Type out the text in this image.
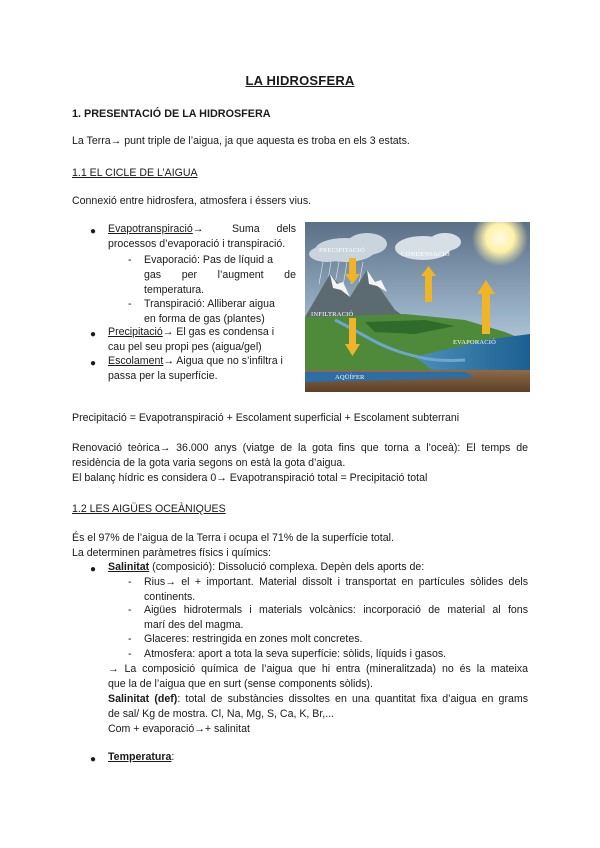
LA HIDROSFERA
1. PRESENTACIÓ DE LA HIDROSFERA
La Terra→ punt triple de l’aigua, ja que aquesta es troba en els 3 estats.
1.1 EL CICLE DE L’AIGUA
Connexió entre hidrosfera, atmosfera i éssers vius.
● Evapotranspiració→	Suma dels
processos d’evaporació i transpiració.
- Evaporació: Pas de líquid a
gas per l’augment de
temperatura.
- Transpiració: Alliberar aigua
en forma de gas (plantes)
● Precipitació→ El gas es condensa i
cau pel seu propi pes (aigua/gel)
● Escolament→ Aigua que no s’infiltra i
passa per la superfície.
PRECIPITACIÓ
CONDENSACIÓ
INFILTRACIÓ
EVAPORACIÓ
AQÜÍFER
Precipitació = Evapotranspiració + Escolament superficial + Escolament subterrani
Renovació teòrica→ 36.000 anys (viatge de la gota fins que torna a l’oceà): El temps de
residència de la gota varia segons on està la gota d’aigua.
El balanç hídric es considera 0→ Evapotranspiració total = Precipitació total
1.2 LES AIGÜES OCEÀNIQUES
És el 97% de l’aigua de la Terra i ocupa el 71% de la superfície total.
La determinen paràmetres físics i químics:
● Salinitat (composició): Dissolució complexa. Depèn dels aports de:
- Rius→ el + important. Material dissolt i transportat en partícules sòlides dels
continents.
- Aigües hidrotermals i materials volcànics: incorporació de material al fons
marí des del magma.
- Glaceres: restringida en zones molt concretes.
- Atmosfera: aport a tota la seva superfície: sòlids, líquids i gasos.
→ La composició química de l’aigua que hi entra (mineralitzada) no és la mateixa
que la de l’aigua que en surt (sense components sòlids).
Salinitat (def): total de substàncies dissoltes en una quantitat fixa d’aigua en grams
de sal/ Kg de mostra. Cl, Na, Mg, S, Ca, K, Br,...
Com + evaporació→+ salinitat
● Temperatura:
